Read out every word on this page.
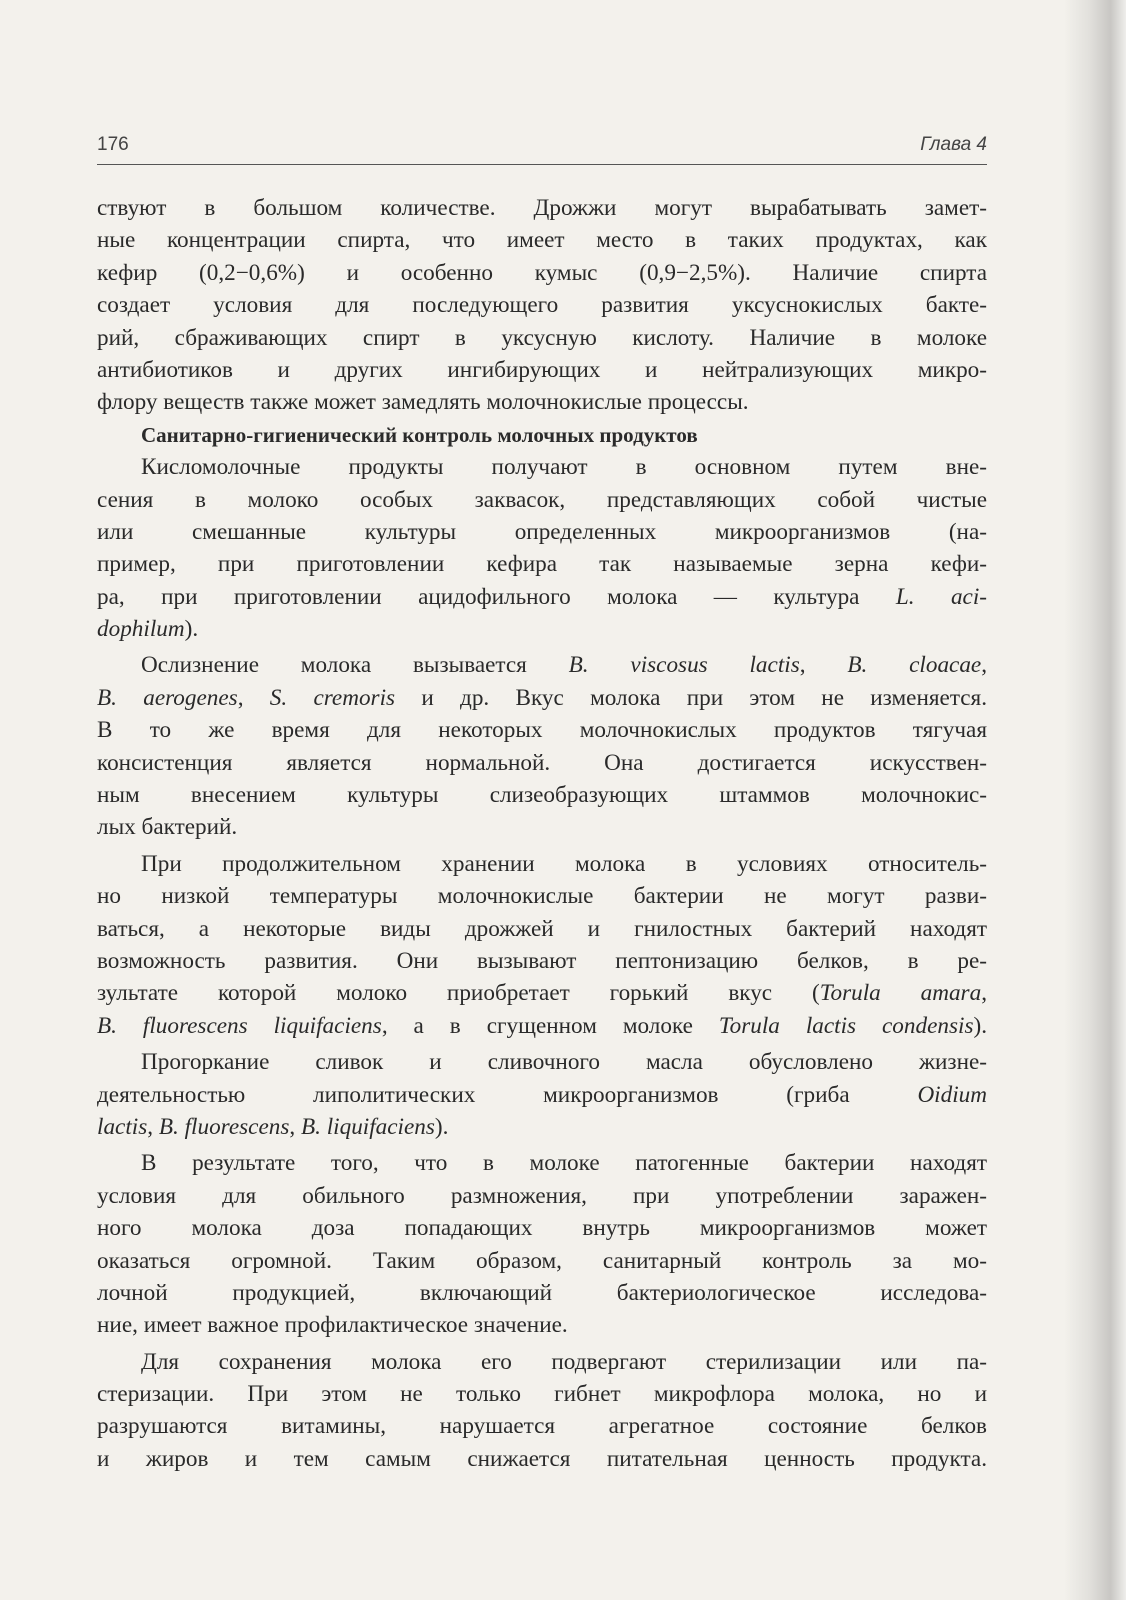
176	Глава 4
ствуют в большом количестве. Дрожжи могут вырабатывать замет-
ные концентрации спирта, что имеет место в таких продуктах, как
кефир (0,2−0,6%) и особенно кумыс (0,9−2,5%). Наличие спирта
создает условия для последующего развития уксуснокислых бакте-
рий, сбраживающих спирт в уксусную кислоту. Наличие в молоке
антибиотиков и других ингибирующих и нейтрализующих микро-
флору веществ также может замедлять молочнокислые процессы.
Санитарно-гигиенический контроль молочных продуктов
Кисломолочные продукты получают в основном путем вне-
сения в молоко особых заквасок, представляющих собой чистые
или смешанные культуры определенных микроорганизмов (на-
пример, при приготовлении кефира так называемые зерна кефи-
ра, при приготовлении ацидофильного молока — культура L. aci-
dophilum).
Ослизнение молока вызывается B. viscosus lactis, B. cloacae,
B. aerogenes, S. cremoris и др. Вкус молока при этом не изменяется.
В то же время для некоторых молочнокислых продуктов тягучая
консистенция является нормальной. Она достигается искусствен-
ным внесением культуры слизеобразующих штаммов молочнокис-
лых бактерий.
При продолжительном хранении молока в условиях относитель-
но низкой температуры молочнокислые бактерии не могут разви-
ваться, а некоторые виды дрожжей и гнилостных бактерий находят
возможность развития. Они вызывают пептонизацию белков, в ре-
зультате которой молоко приобретает горький вкус (Torula amara,
B. fluorescens liquifaciens, а в сгущенном молоке Torula lactis condensis).
Прогоркание сливок и сливочного масла обусловлено жизне-
деятельностью липолитических микроорганизмов (гриба Oidium
lactis, B. fluorescens, B. liquifaciens).
В результате того, что в молоке патогенные бактерии находят
условия для обильного размножения, при употреблении заражен-
ного молока доза попадающих внутрь микроорганизмов может
оказаться огромной. Таким образом, санитарный контроль за мо-
лочной продукцией, включающий бактериологическое исследова-
ние, имеет важное профилактическое значение.
Для сохранения молока его подвергают стерилизации или па-
стеризации. При этом не только гибнет микрофлора молока, но и
разрушаются витамины, нарушается агрегатное состояние белков
и жиров и тем самым снижается питательная ценность продукта.
